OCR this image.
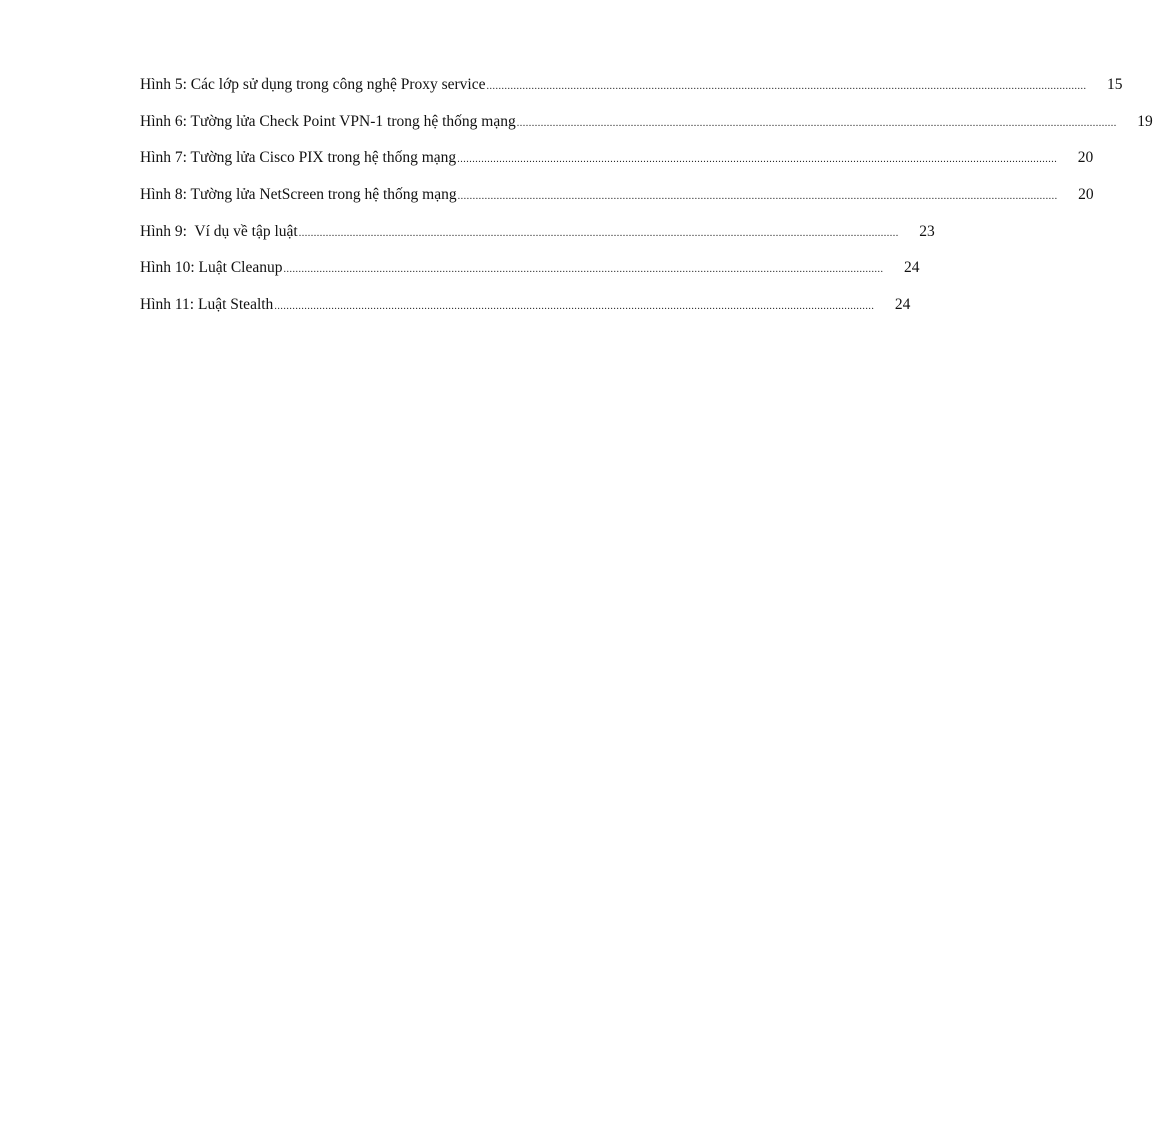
Hình 5: Các lớp sử dụng trong công nghệ Proxy service ........................................................................................................................................................................................................ 15
Hình 6: Tường lửa Check Point VPN-1 trong hệ thống mạng ........................................................................................................................................................................................................ 19
Hình 7: Tường lửa Cisco PIX trong hệ thống mạng ........................................................................................................................................................................................................ 20
Hình 8: Tường lửa NetScreen trong hệ thống mạng ........................................................................................................................................................................................................ 20
Hình 9:  Ví dụ về tập luật ........................................................................................................................................................................................................ 23
Hình 10: Luật Cleanup ........................................................................................................................................................................................................ 24
Hình 11: Luật Stealth ........................................................................................................................................................................................................ 24
